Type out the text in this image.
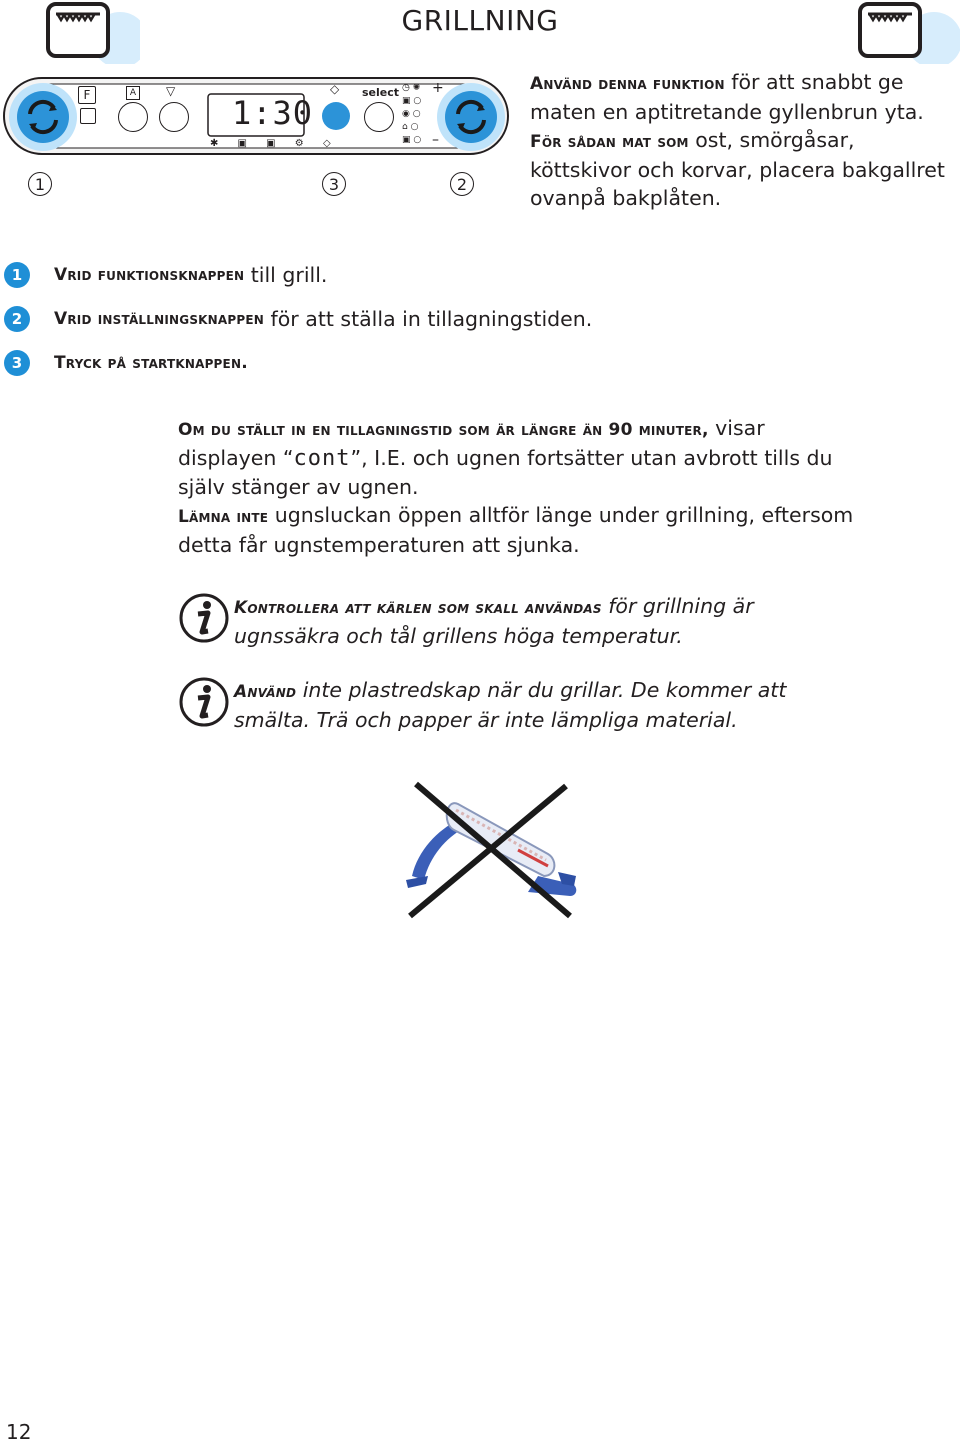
GRILLNING
F	A	▽
1:30
✱ ▣ ▣ ⚙ ◇
◇ select ◷ ✺
▣ ○
◉ ○
⌂ ○
▣ ○
+
–
1	3	2

Använd denna funktion för att snabbt ge maten en aptitretande gyllenbrun yta.

För sådan mat som ost, smörgåsar, köttskivor och korvar, placera bakgallret ovanpå bakplåten.

1	Vrid funktionsknappen till grill.
2	Vrid inställningsknappen för att ställa in tillagningstiden.
3	Tryck på startknappen.

Om du ställt in en tillagningstid som är längre än 90 minuter, visar displayen “cont”, I.E. och ugnen fortsätter utan avbrott tills du själv stänger av ugnen.

Lämna inte ugnsluckan öppen alltför länge under grillning, eftersom detta får ugnstemperaturen att sjunka.

Kontrollera att kärlen som skall användas för grillning är ugnssäkra och tål grillens höga temperatur.
Använd inte plastredskap när du grillar. De kommer att smälta. Trä och papper är inte lämpliga material.
12
